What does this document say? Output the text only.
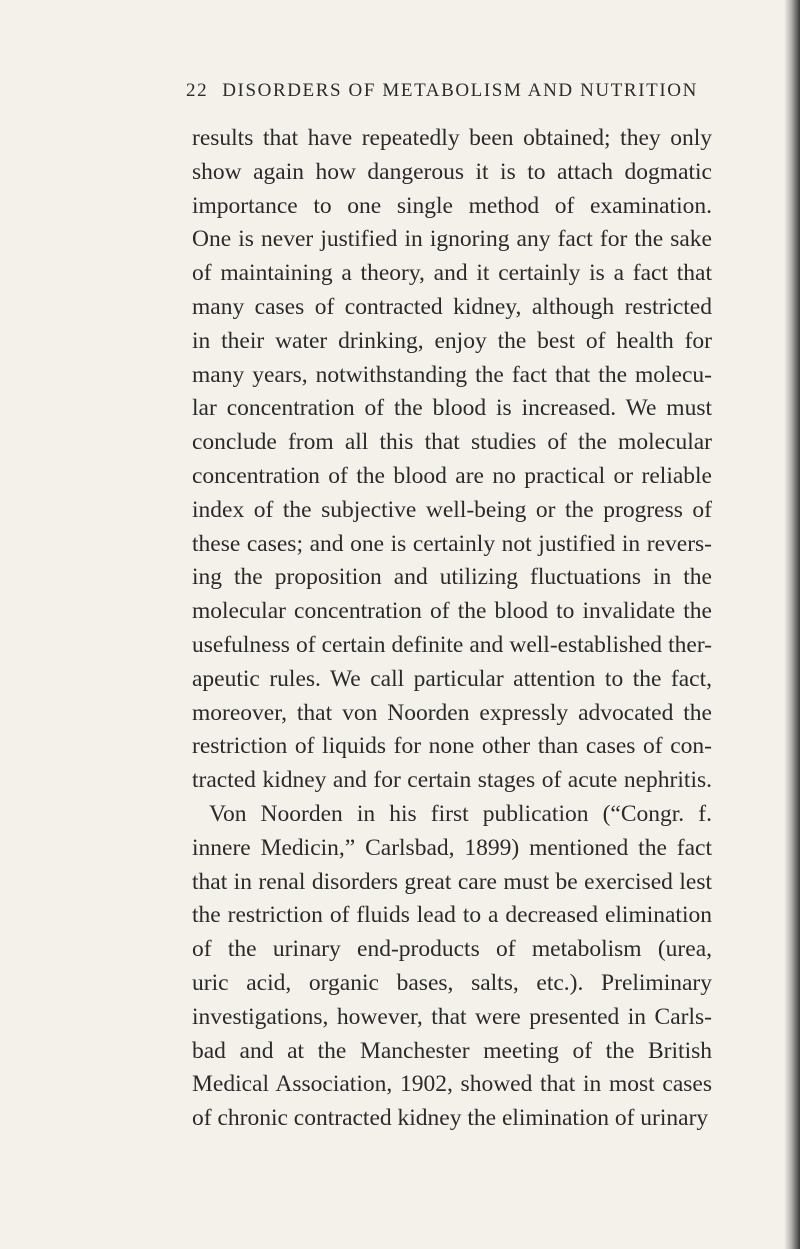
22 DISORDERS OF METABOLISM AND NUTRITION
results that have repeatedly been obtained; they only
show again how dangerous it is to attach dogmatic
importance to one single method of examination.
One is never justified in ignoring any fact for the sake
of maintaining a theory, and it certainly is a fact that
many cases of contracted kidney, although restricted
in their water drinking, enjoy the best of health for
many years, notwithstanding the fact that the molecu-
lar concentration of the blood is increased. We must
conclude from all this that studies of the molecular
concentration of the blood are no practical or reliable
index of the subjective well-being or the progress of
these cases; and one is certainly not justified in revers-
ing the proposition and utilizing fluctuations in the
molecular concentration of the blood to invalidate the
usefulness of certain definite and well-established ther-
apeutic rules. We call particular attention to the fact,
moreover, that von Noorden expressly advocated the
restriction of liquids for none other than cases of con-
tracted kidney and for certain stages of acute nephritis.
Von Noorden in his first publication (“Congr. f.
innere Medicin,” Carlsbad, 1899) mentioned the fact
that in renal disorders great care must be exercised lest
the restriction of fluids lead to a decreased elimination
of the urinary end-products of metabolism (urea,
uric acid, organic bases, salts, etc.). Preliminary
investigations, however, that were presented in Carls-
bad and at the Manchester meeting of the British
Medical Association, 1902, showed that in most cases
of chronic contracted kidney the elimination of urinary
